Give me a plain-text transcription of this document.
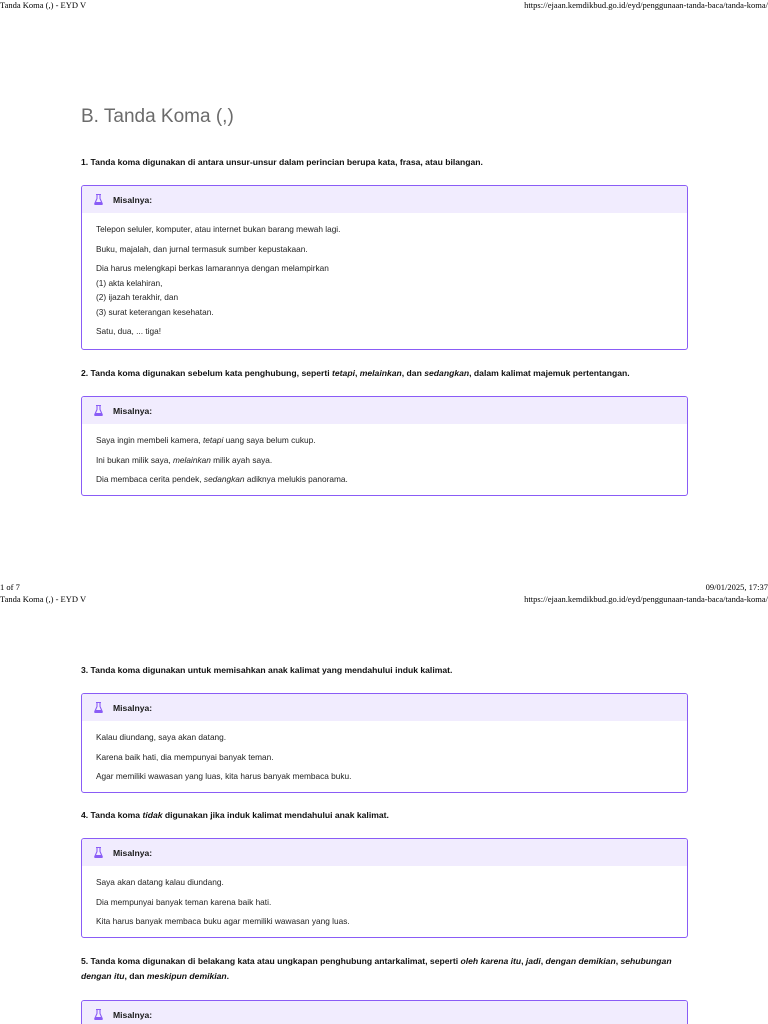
Tanda Koma (,) - EYD V	https://ejaan.kemdikbud.go.id/eyd/penggunaan-tanda-baca/tanda-koma/
B. Tanda Koma (,)
1. Tanda koma digunakan di antara unsur-unsur dalam perincian berupa kata, frasa, atau bilangan.
Misalnya:

Telepon seluler, komputer, atau internet bukan barang mewah lagi.

Buku, majalah, dan jurnal termasuk sumber kepustakaan.

Dia harus melengkapi berkas lamarannya dengan melampirkan
(1) akta kelahiran,
(2) ijazah terakhir, dan
(3) surat keterangan kesehatan.

Satu, dua, ... tiga!

2. Tanda koma digunakan sebelum kata penghubung, seperti tetapi, melainkan, dan sedangkan, dalam kalimat majemuk pertentangan.
Misalnya:

Saya ingin membeli kamera, tetapi uang saya belum cukup.

Ini bukan milik saya, melainkan milik ayah saya.

Dia membaca cerita pendek, sedangkan adiknya melukis panorama.

1 of 7	09/01/2025, 17:37
Tanda Koma (,) - EYD V	https://ejaan.kemdikbud.go.id/eyd/penggunaan-tanda-baca/tanda-koma/
3. Tanda koma digunakan untuk memisahkan anak kalimat yang mendahului induk kalimat.
Misalnya:

Kalau diundang, saya akan datang.

Karena baik hati, dia mempunyai banyak teman.

Agar memiliki wawasan yang luas, kita harus banyak membaca buku.

4. Tanda koma tidak digunakan jika induk kalimat mendahului anak kalimat.
Misalnya:

Saya akan datang kalau diundang.

Dia mempunyai banyak teman karena baik hati.

Kita harus banyak membaca buku agar memiliki wawasan yang luas.

5. Tanda koma digunakan di belakang kata atau ungkapan penghubung antarkalimat, seperti oleh karena itu, jadi, dengan demikian, sehubungan dengan itu, dan meskipun demikian.
Misalnya:
